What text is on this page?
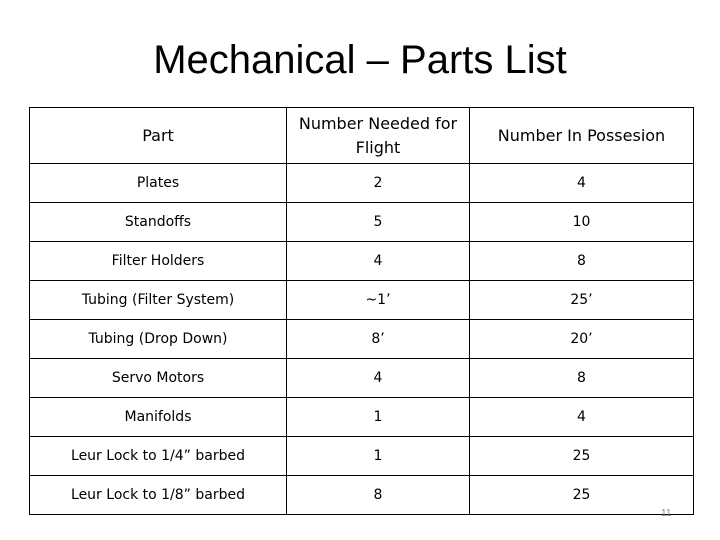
Mechanical – Parts List
Part	Number Needed for Flight	Number In Possesion
Plates	2	4
Standoffs	5	10
Filter Holders	4	8
Tubing (Filter System)	~1’	25’
Tubing (Drop Down)	8’	20’
Servo Motors	4	8
Manifolds	1	4
Leur Lock to 1/4” barbed	1	25
Leur Lock to 1/8” barbed	8	25
11
